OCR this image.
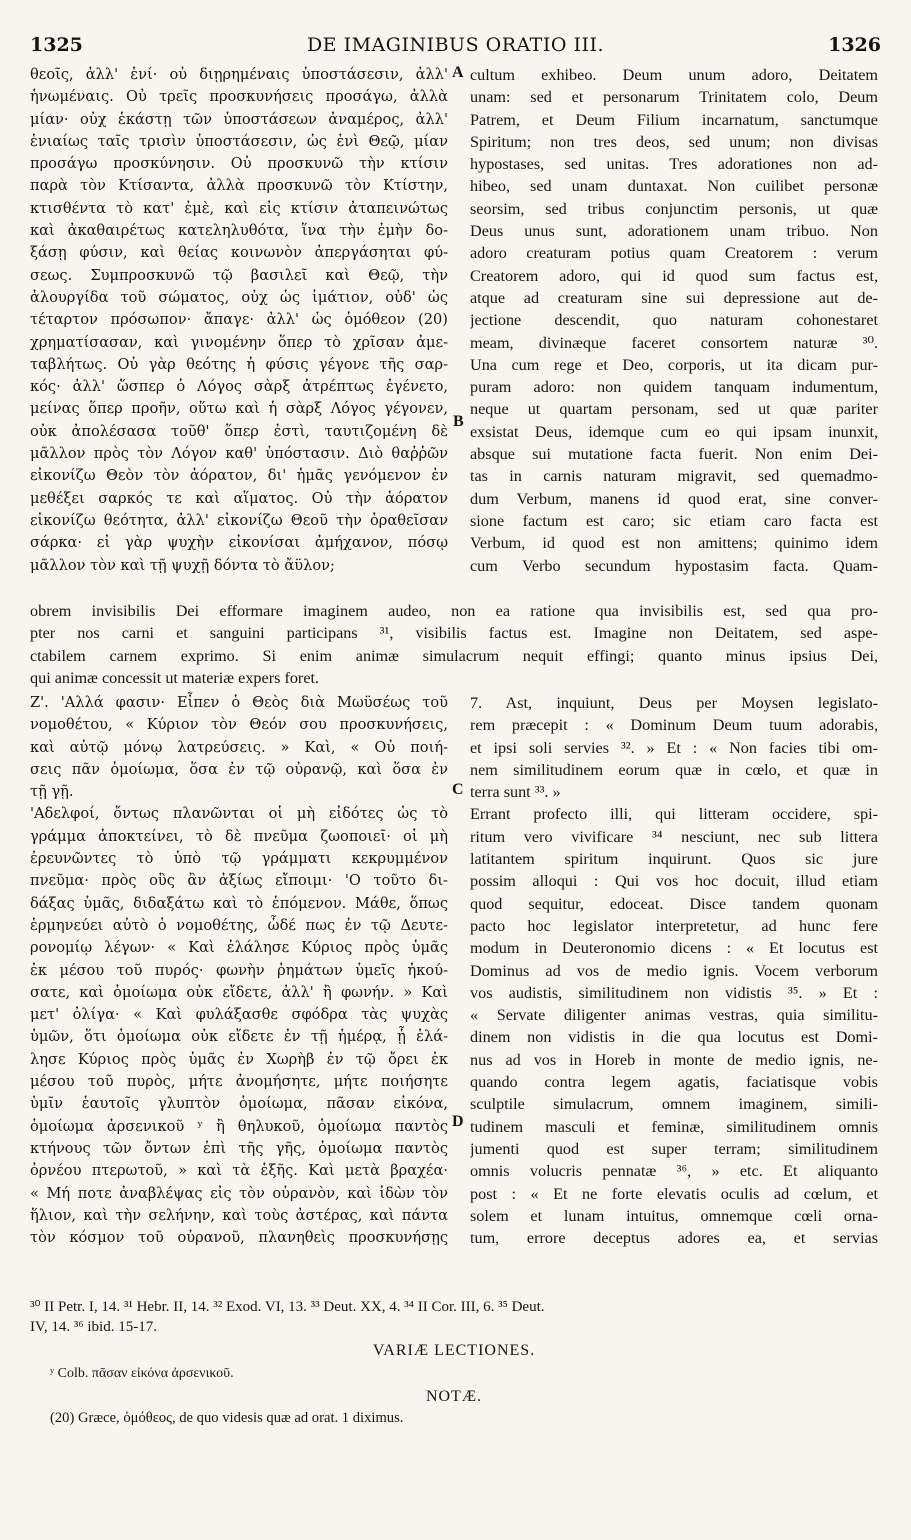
1325	DE IMAGINIBUS ORATIO III.	1326

θεοῖς, ἀλλ' ἑνί· οὐ διῃρημέναις ὑποστάσεσιν, ἀλλ'

ἡνωμέναις. Οὐ τρεῖς προσκυνήσεις προσάγω, ἀλλὰ

μίαν· οὐχ ἑκάστῃ τῶν ὑποστάσεων ἀναμέρος, ἀλλ'

ἑνιαίως ταῖς τρισὶν ὑποστάσεσιν, ὡς ἑνὶ Θεῷ, μίαν

προσάγω προσκύνησιν. Οὐ προσκυνῶ τὴν κτίσιν

παρὰ τὸν Κτίσαντα, ἀλλὰ προσκυνῶ τὸν Κτίστην,

κτισθέντα τὸ κατ' ἐμὲ, καὶ εἰς κτίσιν ἀταπεινώτως

καὶ ἀκαθαιρέτως κατεληλυθότα, ἵνα τὴν ἐμὴν δο-

ξάσῃ φύσιν, καὶ θείας κοινωνὸν ἀπεργάσηται φύ-

σεως. Συμπροσκυνῶ τῷ βασιλεῖ καὶ Θεῷ, τὴν

ἁλουργίδα τοῦ σώματος, οὐχ ὡς ἱμάτιον, οὐδ' ὡς

τέταρτον πρόσωπον· ἄπαγε· ἀλλ' ὡς ὁμόθεον (20)

χρηματίσασαν, καὶ γινομένην ὅπερ τὸ χρῖσαν ἀμε-

ταβλήτως. Οὐ γὰρ θεότης ἡ φύσις γέγονε τῆς σαρ-

κός· ἀλλ' ὥσπερ ὁ Λόγος σὰρξ ἀτρέπτως ἐγένετο,

μείνας ὅπερ προῆν, οὕτω καὶ ἡ σὰρξ Λόγος γέγονεν,

οὐκ ἀπολέσασα τοῦθ' ὅπερ ἐστὶ, ταυτιζομένη δὲ

μᾶλλον πρὸς τὸν Λόγον καθ' ὑπόστασιν. Διὸ θαῤῥῶν

εἰκονίζω Θεὸν τὸν ἀόρατον, δι' ἡμᾶς γενόμενον ἐν

μεθέξει σαρκός τε καὶ αἵματος. Οὐ τὴν ἀόρατον

εἰκονίζω θεότητα, ἀλλ' εἰκονίζω Θεοῦ τὴν ὁραθεῖσαν

σάρκα· εἰ γὰρ ψυχὴν εἰκονίσαι ἀμήχανον, πόσῳ

μᾶλλον τὸν καὶ τῇ ψυχῇ δόντα τὸ ἄϋλον;

cultum exhibeo. Deum unum adoro, Deitatem

unam: sed et personarum Trinitatem colo, Deum

Patrem, et Deum Filium incarnatum, sanctumque

Spiritum; non tres deos, sed unum; non divisas

hypostases, sed unitas. Tres adorationes non ad-

hibeo, sed unam duntaxat. Non cuilibet personæ

seorsim, sed tribus conjunctim personis, ut quæ

Deus unus sunt, adorationem unam tribuo. Non

adoro creaturam potius quam Creatorem : verum

Creatorem adoro, qui id quod sum factus est,

atque ad creaturam sine sui depressione aut de-

jectione descendit, quo naturam cohonestaret

meam, divinæque faceret consortem naturæ ³⁰.

Una cum rege et Deo, corporis, ut ita dicam pur-

puram adoro: non quidem tanquam indumentum,

neque ut quartam personam, sed ut quæ pariter

exsistat Deus, idemque cum eo qui ipsam inunxit,

absque sui mutatione facta fuerit. Non enim Dei-

tas in carnis naturam migravit, sed quemadmo-

dum Verbum, manens id quod erat, sine conver-

sione factum est caro; sic etiam caro facta est

Verbum, id quod est non amittens; quinimo idem

cum Verbo secundum hypostasim facta. Quam-

obrem invisibilis Dei efformare imaginem audeo, non ea ratione qua invisibilis est, sed qua pro-

pter nos carni et sanguini participans ³¹, visibilis factus est. Imagine non Deitatem, sed aspe-

ctabilem carnem exprimo. Si enim animæ simulacrum nequit effingi; quanto minus ipsius Dei,

qui animæ concessit ut materiæ expers foret.

Ζ'. 'Αλλά φασιν· Εἶπεν ὁ Θεὸς διὰ Μωϋσέως τοῦ

νομοθέτου, « Κύριον τὸν Θεόν σου προσκυνήσεις,

καὶ αὐτῷ μόνῳ λατρεύσεις. » Καὶ, « Οὐ ποιή-

σεις πᾶν ὁμοίωμα, ὅσα ἐν τῷ οὐρανῷ, καὶ ὅσα ἐν

τῇ γῇ.

'Αδελφοί, ὄντως πλανῶνται οἱ μὴ εἰδότες ὡς τὸ

γράμμα ἀποκτείνει, τὸ δὲ πνεῦμα ζωοποιεῖ· οἱ μὴ

ἐρευνῶντες τὸ ὑπὸ τῷ γράμματι κεκρυμμένον

πνεῦμα· πρὸς οὓς ἂν ἀξίως εἴποιμι· 'Ο τοῦτο δι-

δάξας ὑμᾶς, διδαξάτω καὶ τὸ ἑπόμενον. Μάθε, ὅπως

ἑρμηνεύει αὐτὸ ὁ νομοθέτης, ὧδέ πως ἐν τῷ Δευτε-

ρονομίῳ λέγων· « Καὶ ἐλάλησε Κύριος πρὸς ὑμᾶς

ἐκ μέσου τοῦ πυρός· φωνὴν ῥημάτων ὑμεῖς ἠκού-

σατε, καὶ ὁμοίωμα οὐκ εἴδετε, ἀλλ' ἢ φωνήν. » Καὶ

μετ' ὀλίγα· « Καὶ φυλάξασθε σφόδρα τὰς ψυχὰς

ὑμῶν, ὅτι ὁμοίωμα οὐκ εἴδετε ἐν τῇ ἡμέρᾳ, ᾗ ἐλά-

λησε Κύριος πρὸς ὑμᾶς ἐν Χωρὴβ ἐν τῷ ὄρει ἐκ

μέσου τοῦ πυρὸς, μήτε ἀνομήσητε, μήτε ποιήσητε

ὑμῖν ἑαυτοῖς γλυπτὸν ὁμοίωμα, πᾶσαν εἰκόνα,

ὁμοίωμα ἀρσενικοῦ ʸ ἢ θηλυκοῦ, ὁμοίωμα παντὸς

κτήνους τῶν ὄντων ἐπὶ τῆς γῆς, ὁμοίωμα παντὸς

ὀρνέου πτερωτοῦ, » καὶ τὰ ἑξῆς. Καὶ μετὰ βραχέα·

« Μή ποτε ἀναβλέψας εἰς τὸν οὐρανὸν, καὶ ἰδὼν τὸν

ἥλιον, καὶ τὴν σελήνην, καὶ τοὺς ἀστέρας, καὶ πάντα

τὸν κόσμον τοῦ οὐρανοῦ, πλανηθεὶς προσκυνήσῃς

7. Ast, inquiunt, Deus per Moysen legislato-

rem præcepit : « Dominum Deum tuum adorabis,

et ipsi soli servies ³². » Et : « Non facies tibi om-

nem similitudinem eorum quæ in cœlo, et quæ in

terra sunt ³³. »

Errant profecto illi, qui litteram occidere, spi-

ritum vero vivificare ³⁴ nesciunt, nec sub littera

latitantem spiritum inquirunt. Quos sic jure

possim alloqui : Qui vos hoc docuit, illud etiam

quod sequitur, edoceat. Disce tandem quonam

pacto hoc legislator interpretetur, ad hunc fere

modum in Deuteronomio dicens : « Et locutus est

Dominus ad vos de medio ignis. Vocem verborum

vos audistis, similitudinem non vidistis ³⁵. » Et :

« Servate diligenter animas vestras, quia similitu-

dinem non vidistis in die qua locutus est Domi-

nus ad vos in Horeb in monte de medio ignis, ne-

quando contra legem agatis, faciatisque vobis

sculptile simulacrum, omnem imaginem, simili-

tudinem masculi et feminæ, similitudinem omnis

jumenti quod est super terram; similitudinem

omnis volucris pennatæ ³⁶, » etc. Et aliquanto

post : « Et ne forte elevatis oculis ad cœlum, et

solem et lunam intuitus, omnemque cœli orna-

tum, errore deceptus adores ea, et servias

A
B
C
D
³⁰ II Petr. I, 14. ³¹ Hebr. II, 14. ³² Exod. VI, 13. ³³ Deut. XX, 4. ³⁴ II Cor. III, 6. ³⁵ Deut.
IV, 14. ³⁶ ibid. 15-17.
VARIÆ LECTIONES.
ʸ Colb. πᾶσαν εἰκόνα ἀρσενικοῦ.
NOTÆ.
(20) Græce, ὁμόθεος, de quo videsis quæ ad orat. 1 diximus.
